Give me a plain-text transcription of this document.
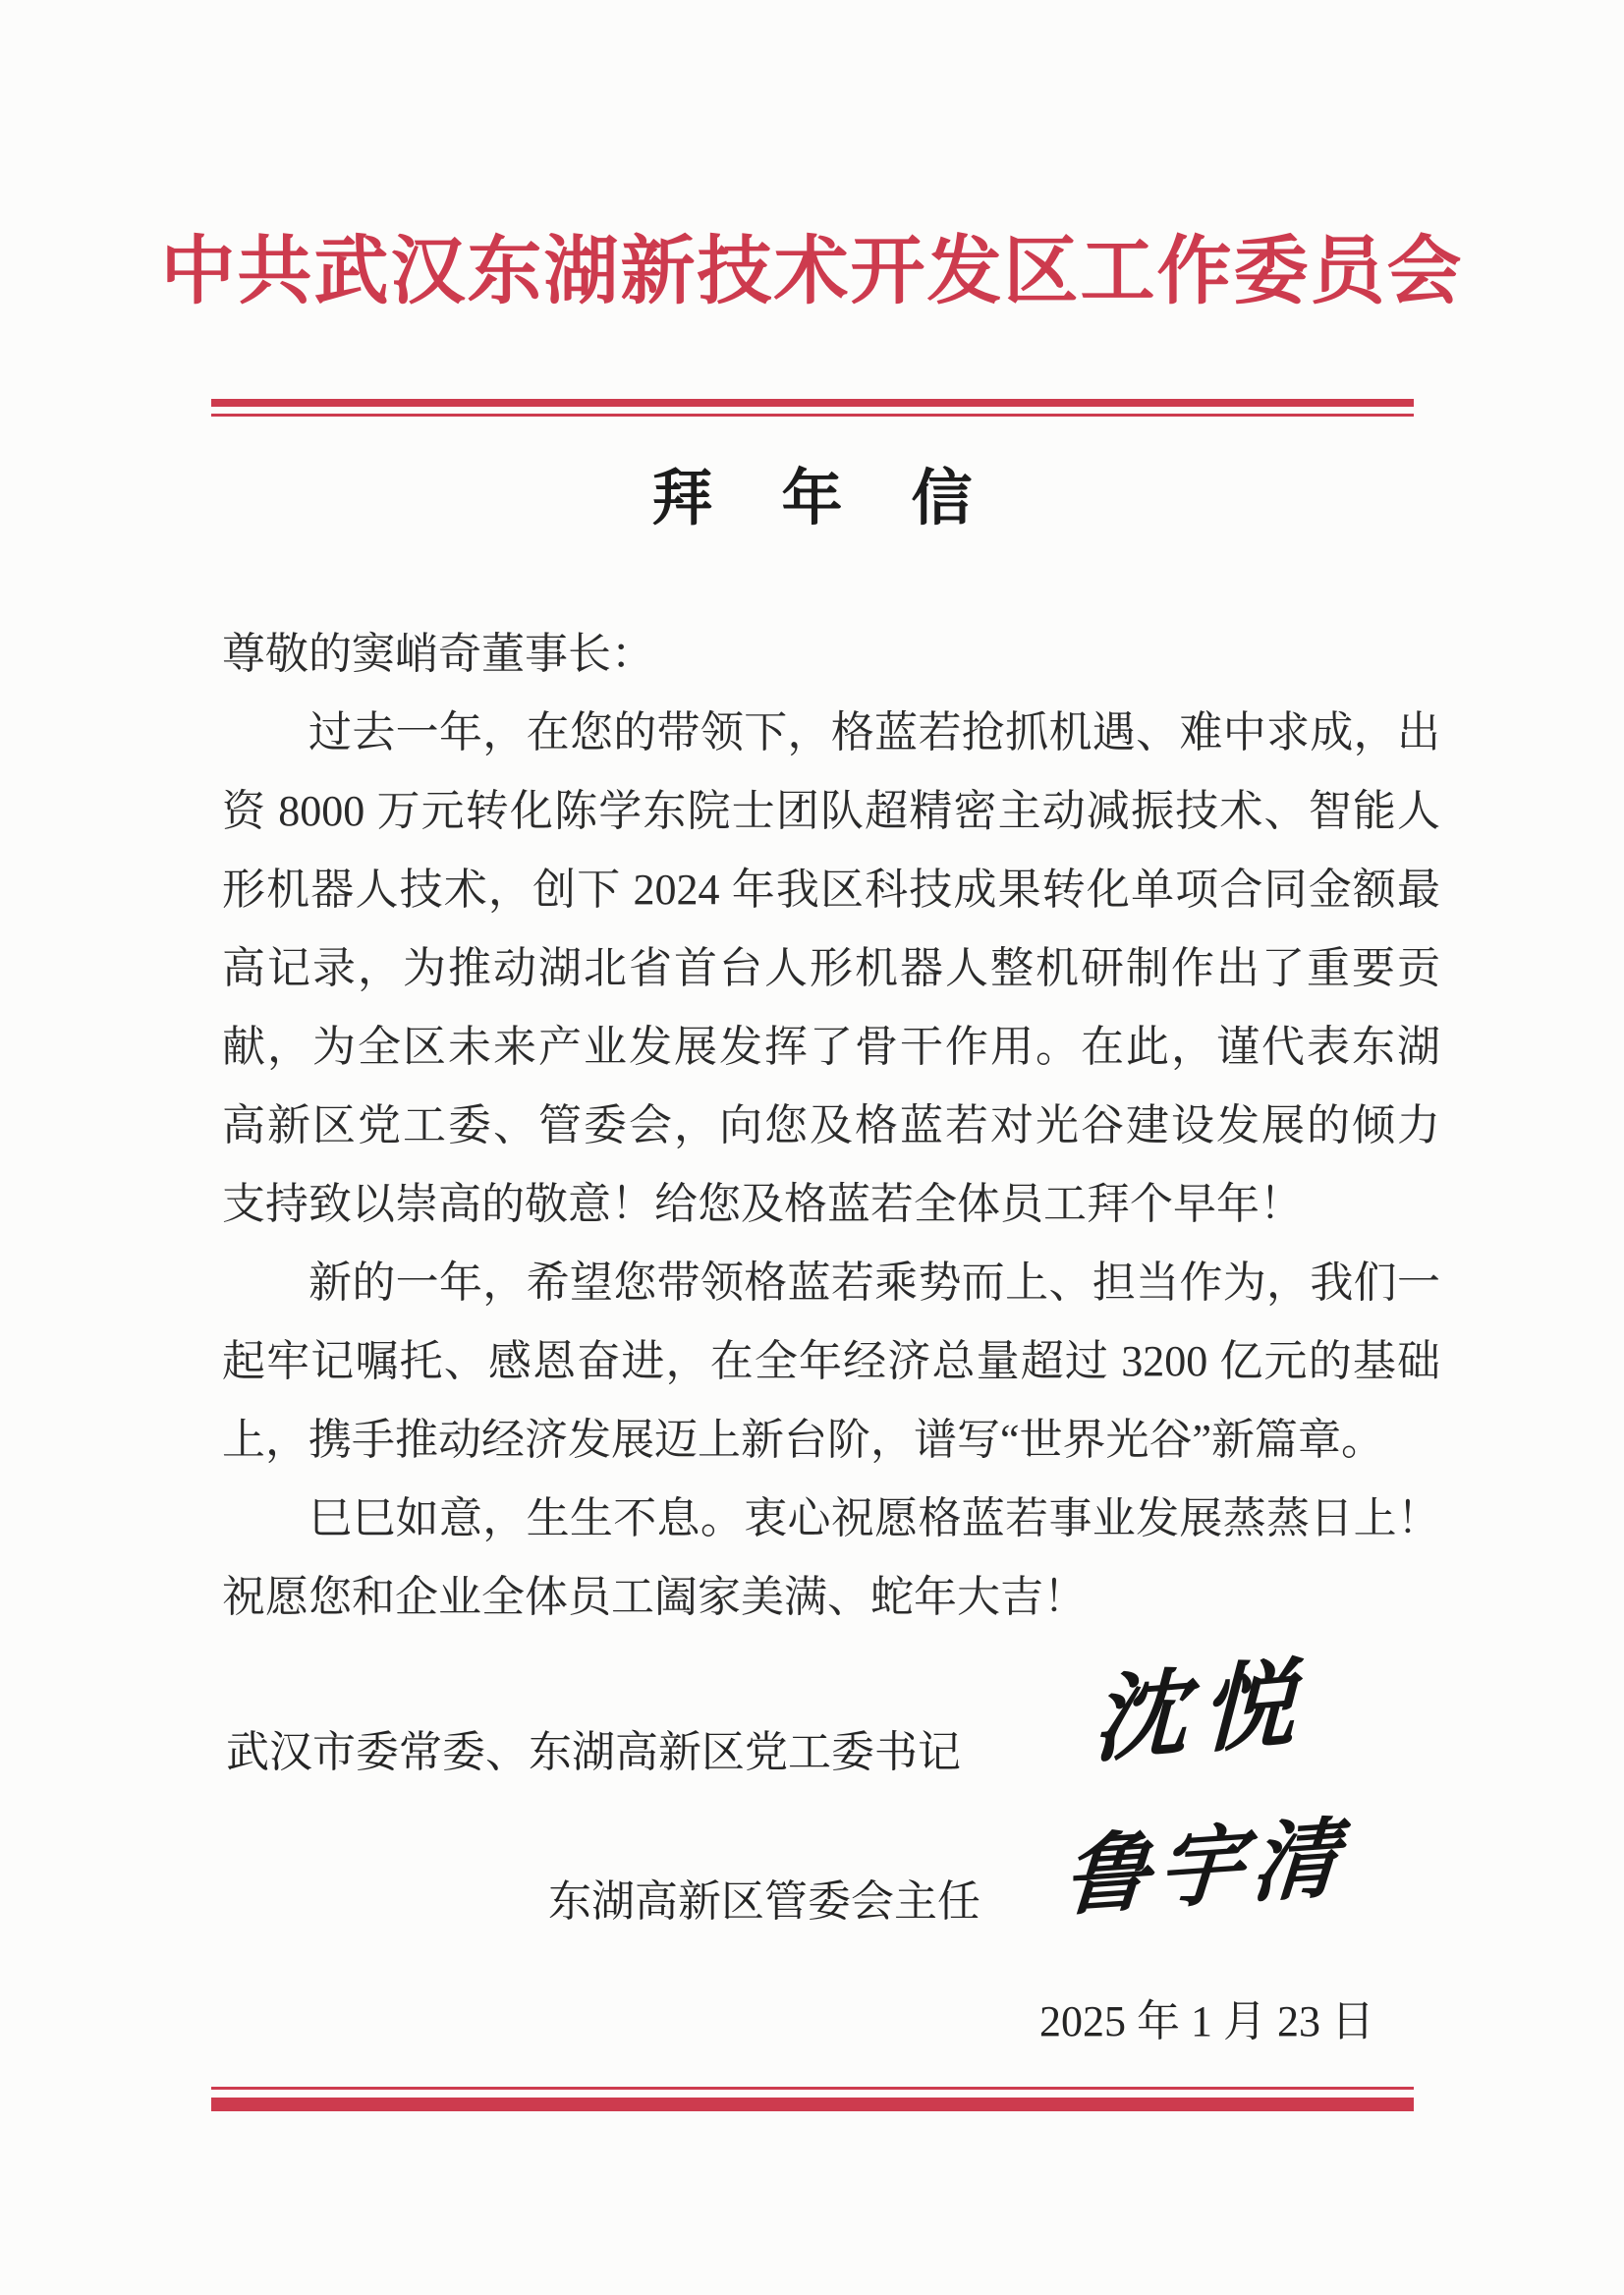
中共武汉东湖新技术开发区工作委员会
拜 年 信
尊敬的窦峭奇董事长：
过去一年，在您的带领下，格蓝若抢抓机遇、难中求成，出
资 8000 万元转化陈学东院士团队超精密主动减振技术、智能人
形机器人技术，创下 2024 年我区科技成果转化单项合同金额最
高记录，为推动湖北省首台人形机器人整机研制作出了重要贡
献，为全区未来产业发展发挥了骨干作用。在此，谨代表东湖
高新区党工委、管委会，向您及格蓝若对光谷建设发展的倾力
支持致以崇高的敬意！给您及格蓝若全体员工拜个早年！
新的一年，希望您带领格蓝若乘势而上、担当作为，我们一
起牢记嘱托、感恩奋进，在全年经济总量超过 3200 亿元的基础
上，携手推动经济发展迈上新台阶，谱写“世界光谷”新篇章。
巳巳如意，生生不息。衷心祝愿格蓝若事业发展蒸蒸日上！
祝愿您和企业全体员工阖家美满、蛇年大吉！
武汉市委常委、东湖高新区党工委书记 沈悦
东湖高新区管委会主任 鲁宇清
2025 年 1 月 23 日
